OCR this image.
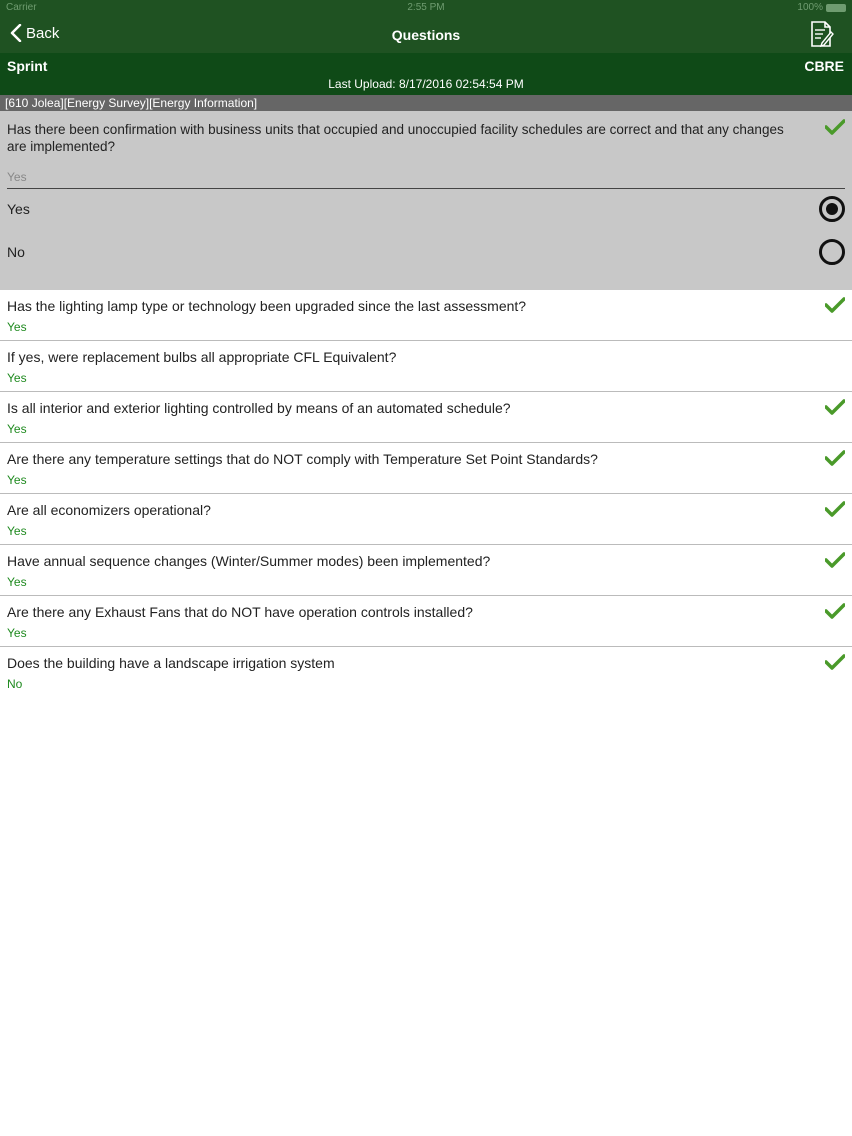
Carrier	2:55 PM	100%
Back	Questions
Sprint	CBRE
Last Upload: 8/17/2016 02:54:54 PM
[610 Jolea][Energy Survey][Energy Information]
Has there been confirmation with business units that occupied and unoccupied facility schedules are correct and that any changes are implemented?
Yes
Yes
No
Has the lighting lamp type or technology been upgraded since the last assessment?
Yes
If yes, were replacement bulbs all appropriate CFL Equivalent?
Yes
Is all interior and exterior lighting controlled by means of an automated schedule?
Yes
Are there any temperature settings that do NOT comply with Temperature Set Point Standards?
Yes
Are all economizers operational?
Yes
Have annual sequence changes (Winter/Summer modes) been implemented?
Yes
Are there any Exhaust Fans that do NOT have operation controls installed?
Yes
Does the building have a landscape irrigation system
No
